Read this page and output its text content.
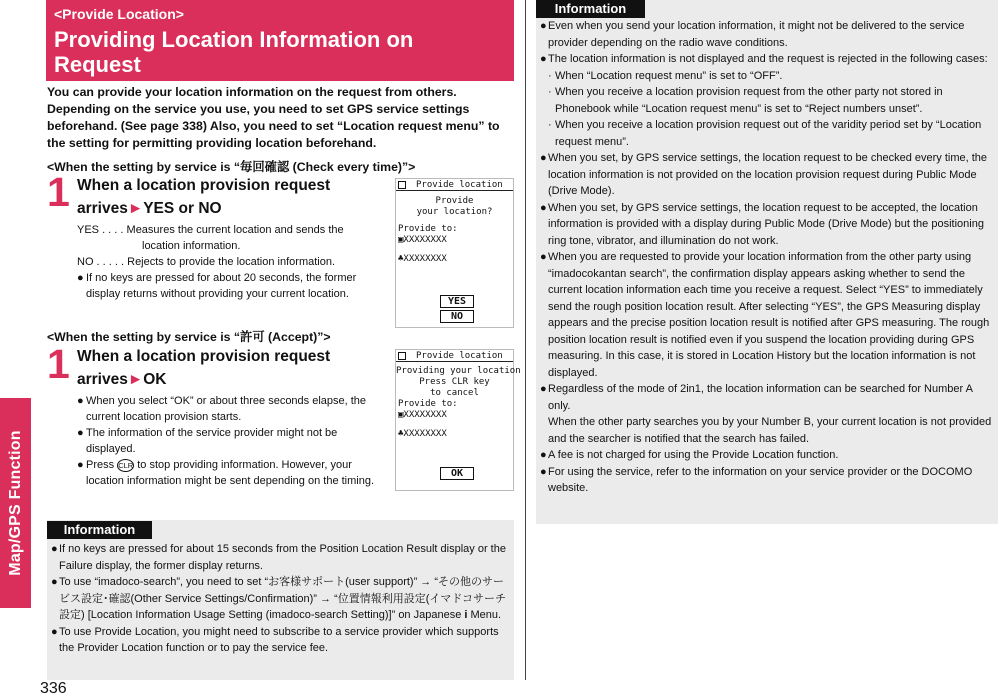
Map/GPS Function
336
<Provide Location>
Providing Location Information on Request
You can provide your location information on the request from others. Depending on the service you use, you need to set GPS service settings beforehand. (See page 338) Also, you need to set “Location request menu” to the setting for permitting providing location beforehand.
<When the setting by service is “毎回確認 (Check every time)”>
1 When a location provision request arrives►YES or NO
YES . . . .
Measures the current location and sends the
location information.
NO . . . . .
Rejects to provide the location information.
● If no keys are pressed for about 20 seconds, the former display returns without providing your current location.
Provide location
Provide
your location?
Provide to:
▣XXXXXXXX
♣XXXXXXXX
YES
NO
<When the setting by service is “許可 (Accept)”>
1 When a location provision request arrives►OK
● When you select “OK” or about three seconds elapse, the current location provision starts.
● The information of the service provider might not be displayed.
● Press CLR to stop providing information. However, your location information might be sent depending on the timing.
Provide location
Providing your location
Press CLR key
to cancel
Provide to:
▣XXXXXXXX
♣XXXXXXXX
OK
Information
● If no keys are pressed for about 15 seconds from the Position Location Result display or the Failure display, the former display returns.
● To use “imadoco-search”, you need to set “お客様サポート(user support)” → “その他のサービス設定･確認(Other Service Settings/Confirmation)” → “位置情報利用設定(イマドコサーチ設定) [Location Information Usage Setting (imadoco-search Setting)]” on Japanese i Menu.
● To use Provide Location, you might need to subscribe to a service provider which supports the Provider Location function or to pay the service fee.
Information
● Even when you send your location information, it might not be delivered to the service provider depending on the radio wave conditions.
● The location information is not displayed and the request is rejected in the following cases:
· When “Location request menu” is set to “OFF”.
· When you receive a location provision request from the other party not stored in Phonebook while “Location request menu” is set to “Reject numbers unset”.
· When you receive a location provision request out of the varidity period set by “Location request menu”.
● When you set, by GPS service settings, the location request to be checked every time, the location information is not provided on the location provision request during Public Mode (Drive Mode).
● When you set, by GPS service settings, the location request to be accepted, the location information is provided with a display during Public Mode (Drive Mode) but the positioning ring tone, vibrator, and illumination do not work.
● When you are requested to provide your location information from the other party using “imadocokantan search”, the confirmation display appears asking whether to send the current location information each time you receive a request. Select “YES” to immediately send the rough position location result. After selecting “YES”, the GPS Measuring display appears and the precise position location result is notified after GPS measuring. The rough position location result is notified even if you suspend the location providing during GPS measuring. In this case, it is stored in Location History but the location information is not displayed.
● Regardless of the mode of 2in1, the location information can be searched for Number A only.
When the other party searches you by your Number B, your current location is not provided and the searcher is notified that the search has failed.
● A fee is not charged for using the Provide Location function.
● For using the service, refer to the information on your service provider or the DOCOMO website.
